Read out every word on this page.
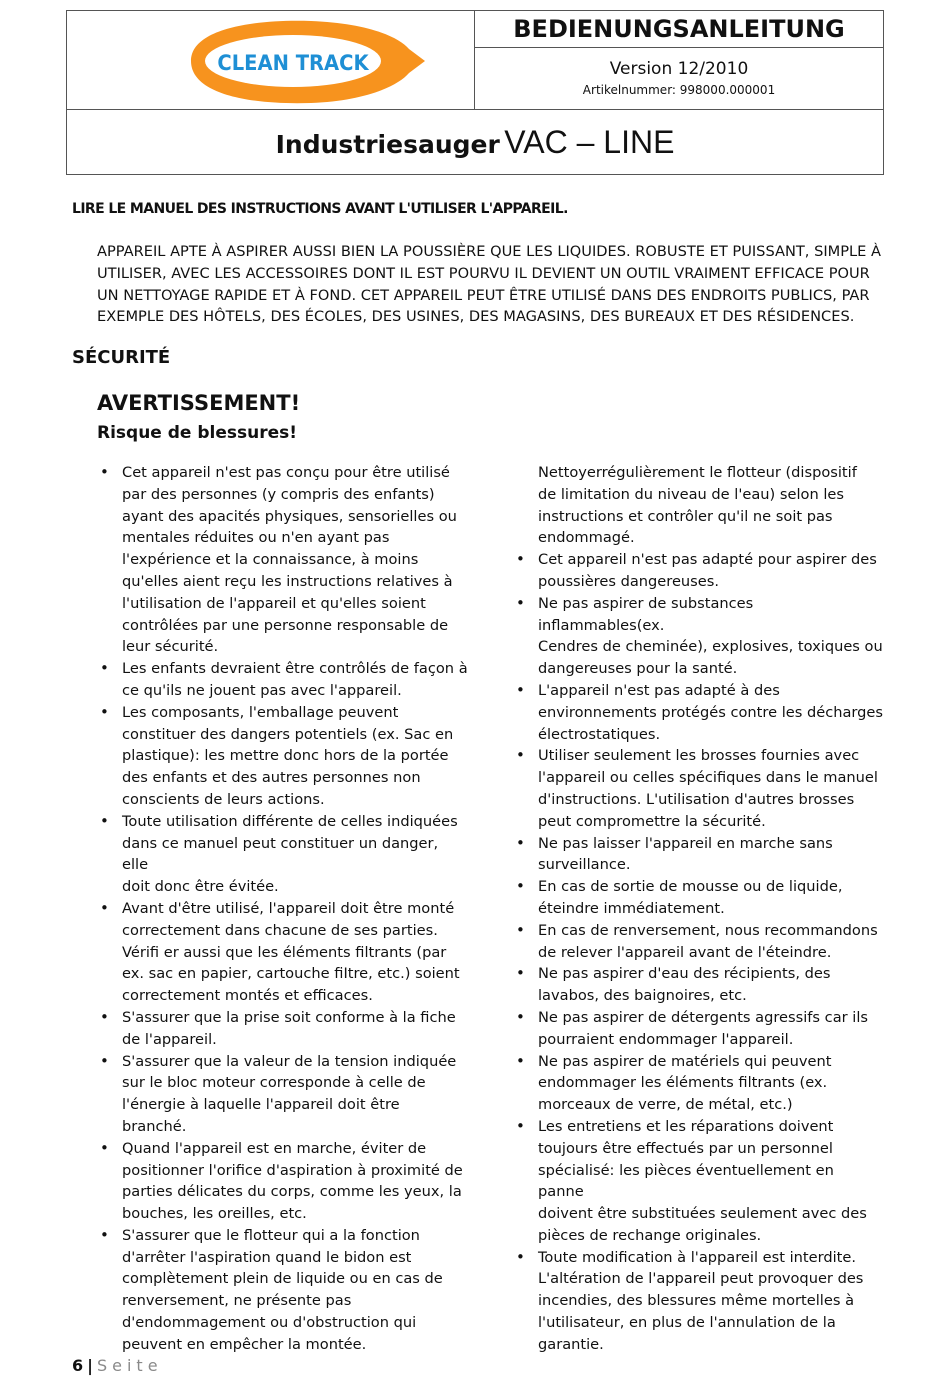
CLEAN TRACK
BEDIENUNGSANLEITUNG
Version 12/2010
Artikelnummer: 998000.000001
Industriesauger VAC – LINE
LIRE LE MANUEL DES INSTRUCTIONS AVANT L'UTILISER L'APPAREIL.
APPAREIL APTE À ASPIRER AUSSI BIEN LA POUSSIÈRE QUE LES LIQUIDES. ROBUSTE ET PUISSANT, SIMPLE À
UTILISER, AVEC LES ACCESSOIRES DONT IL EST POURVU IL DEVIENT UN OUTIL VRAIMENT EFFICACE POUR
UN NETTOYAGE RAPIDE ET À FOND. CET APPAREIL PEUT ÊTRE UTILISÉ DANS DES ENDROITS PUBLICS, PAR
EXEMPLE DES HÔTELS, DES ÉCOLES, DES USINES, DES MAGASINS, DES BUREAUX ET DES RÉSIDENCES.
SÉCURITÉ
AVERTISSEMENT!
Risque de blessures!
• Cet appareil n'est pas conçu pour être utilisé
par des personnes (y compris des enfants)
ayant des apacités physiques, sensorielles ou
mentales réduites ou n'en ayant pas
l'expérience et la connaissance, à moins
qu'elles aient reçu les instructions relatives à
l'utilisation de l'appareil et qu'elles soient
contrôlées par une personne responsable de
leur sécurité.
• Les enfants devraient être contrôlés de façon à
ce qu'ils ne jouent pas avec l'appareil.
• Les composants, l'emballage peuvent
constituer des dangers potentiels (ex. Sac en
plastique): les mettre donc hors de la portée
des enfants et des autres personnes non
conscients de leurs actions.
• Toute utilisation différente de celles indiquées
dans ce manuel peut constituer un danger, elle
doit donc être évitée.
• Avant d'être utilisé, l'appareil doit être monté
correctement dans chacune de ses parties.
Vérifi er aussi que les éléments filtrants (par
ex. sac en papier, cartouche fiItre, etc.) soient
correctement montés et efficaces.
• S'assurer que la prise soit conforme à la fiche
de l'appareil.
• S'assurer que la valeur de la tension indiquée
sur le bloc moteur corresponde à celle de
l'énergie à laquelle l'appareil doit être
branché.
• Quand l'appareil est en marche, éviter de
positionner l'orifice d'aspiration à proximité de
parties délicates du corps, comme les yeux, la
bouches, les oreilles, etc.
• S'assurer que le flotteur qui a la fonction
d'arrêter l'aspiration quand le bidon est
complètement plein de liquide ou en cas de
renversement, ne présente pas
d'endommagement ou d'obstruction qui
peuvent en empêcher la montée.
Nettoyerrégulièrement le flotteur (dispositif
de limitation du niveau de l'eau) selon les
instructions et contrôler qu'il ne soit pas
endommagé.
• Cet appareil n'est pas adapté pour aspirer des
poussières dangereuses.
• Ne pas aspirer de substances inflammables(ex.
Cendres de cheminée), explosives, toxiques ou
dangereuses pour la santé.
• L'appareil n'est pas adapté à des
environnements protégés contre les décharges
électrostatiques.
• Utiliser seulement les brosses fournies avec
l'appareil ou celles spécifiques dans le manuel
d'instructions. L'utilisation d'autres brosses
peut compromettre la sécurité.
• Ne pas laisser l'appareil en marche sans
surveillance.
• En cas de sortie de mousse ou de liquide,
éteindre immédiatement.
• En cas de renversement, nous recommandons
de relever l'appareil avant de l'éteindre.
• Ne pas aspirer d'eau des récipients, des
lavabos, des baignoires, etc.
• Ne pas aspirer de détergents agressifs car ils
pourraient endommager l'appareil.
• Ne pas aspirer de matériels qui peuvent
endommager les éléments filtrants (ex.
morceaux de verre, de métal, etc.)
• Les entretiens et les réparations doivent
toujours être effectués par un personnel
spécialisé: les pièces éventuellement en panne
doivent être substituées seulement avec des
pièces de rechange originales.
• Toute modification à l'appareil est interdite.
L'altération de l'appareil peut provoquer des
incendies, des blessures même mortelles à
l'utilisateur, en plus de l'annulation de la
garantie.
6 | Seite
